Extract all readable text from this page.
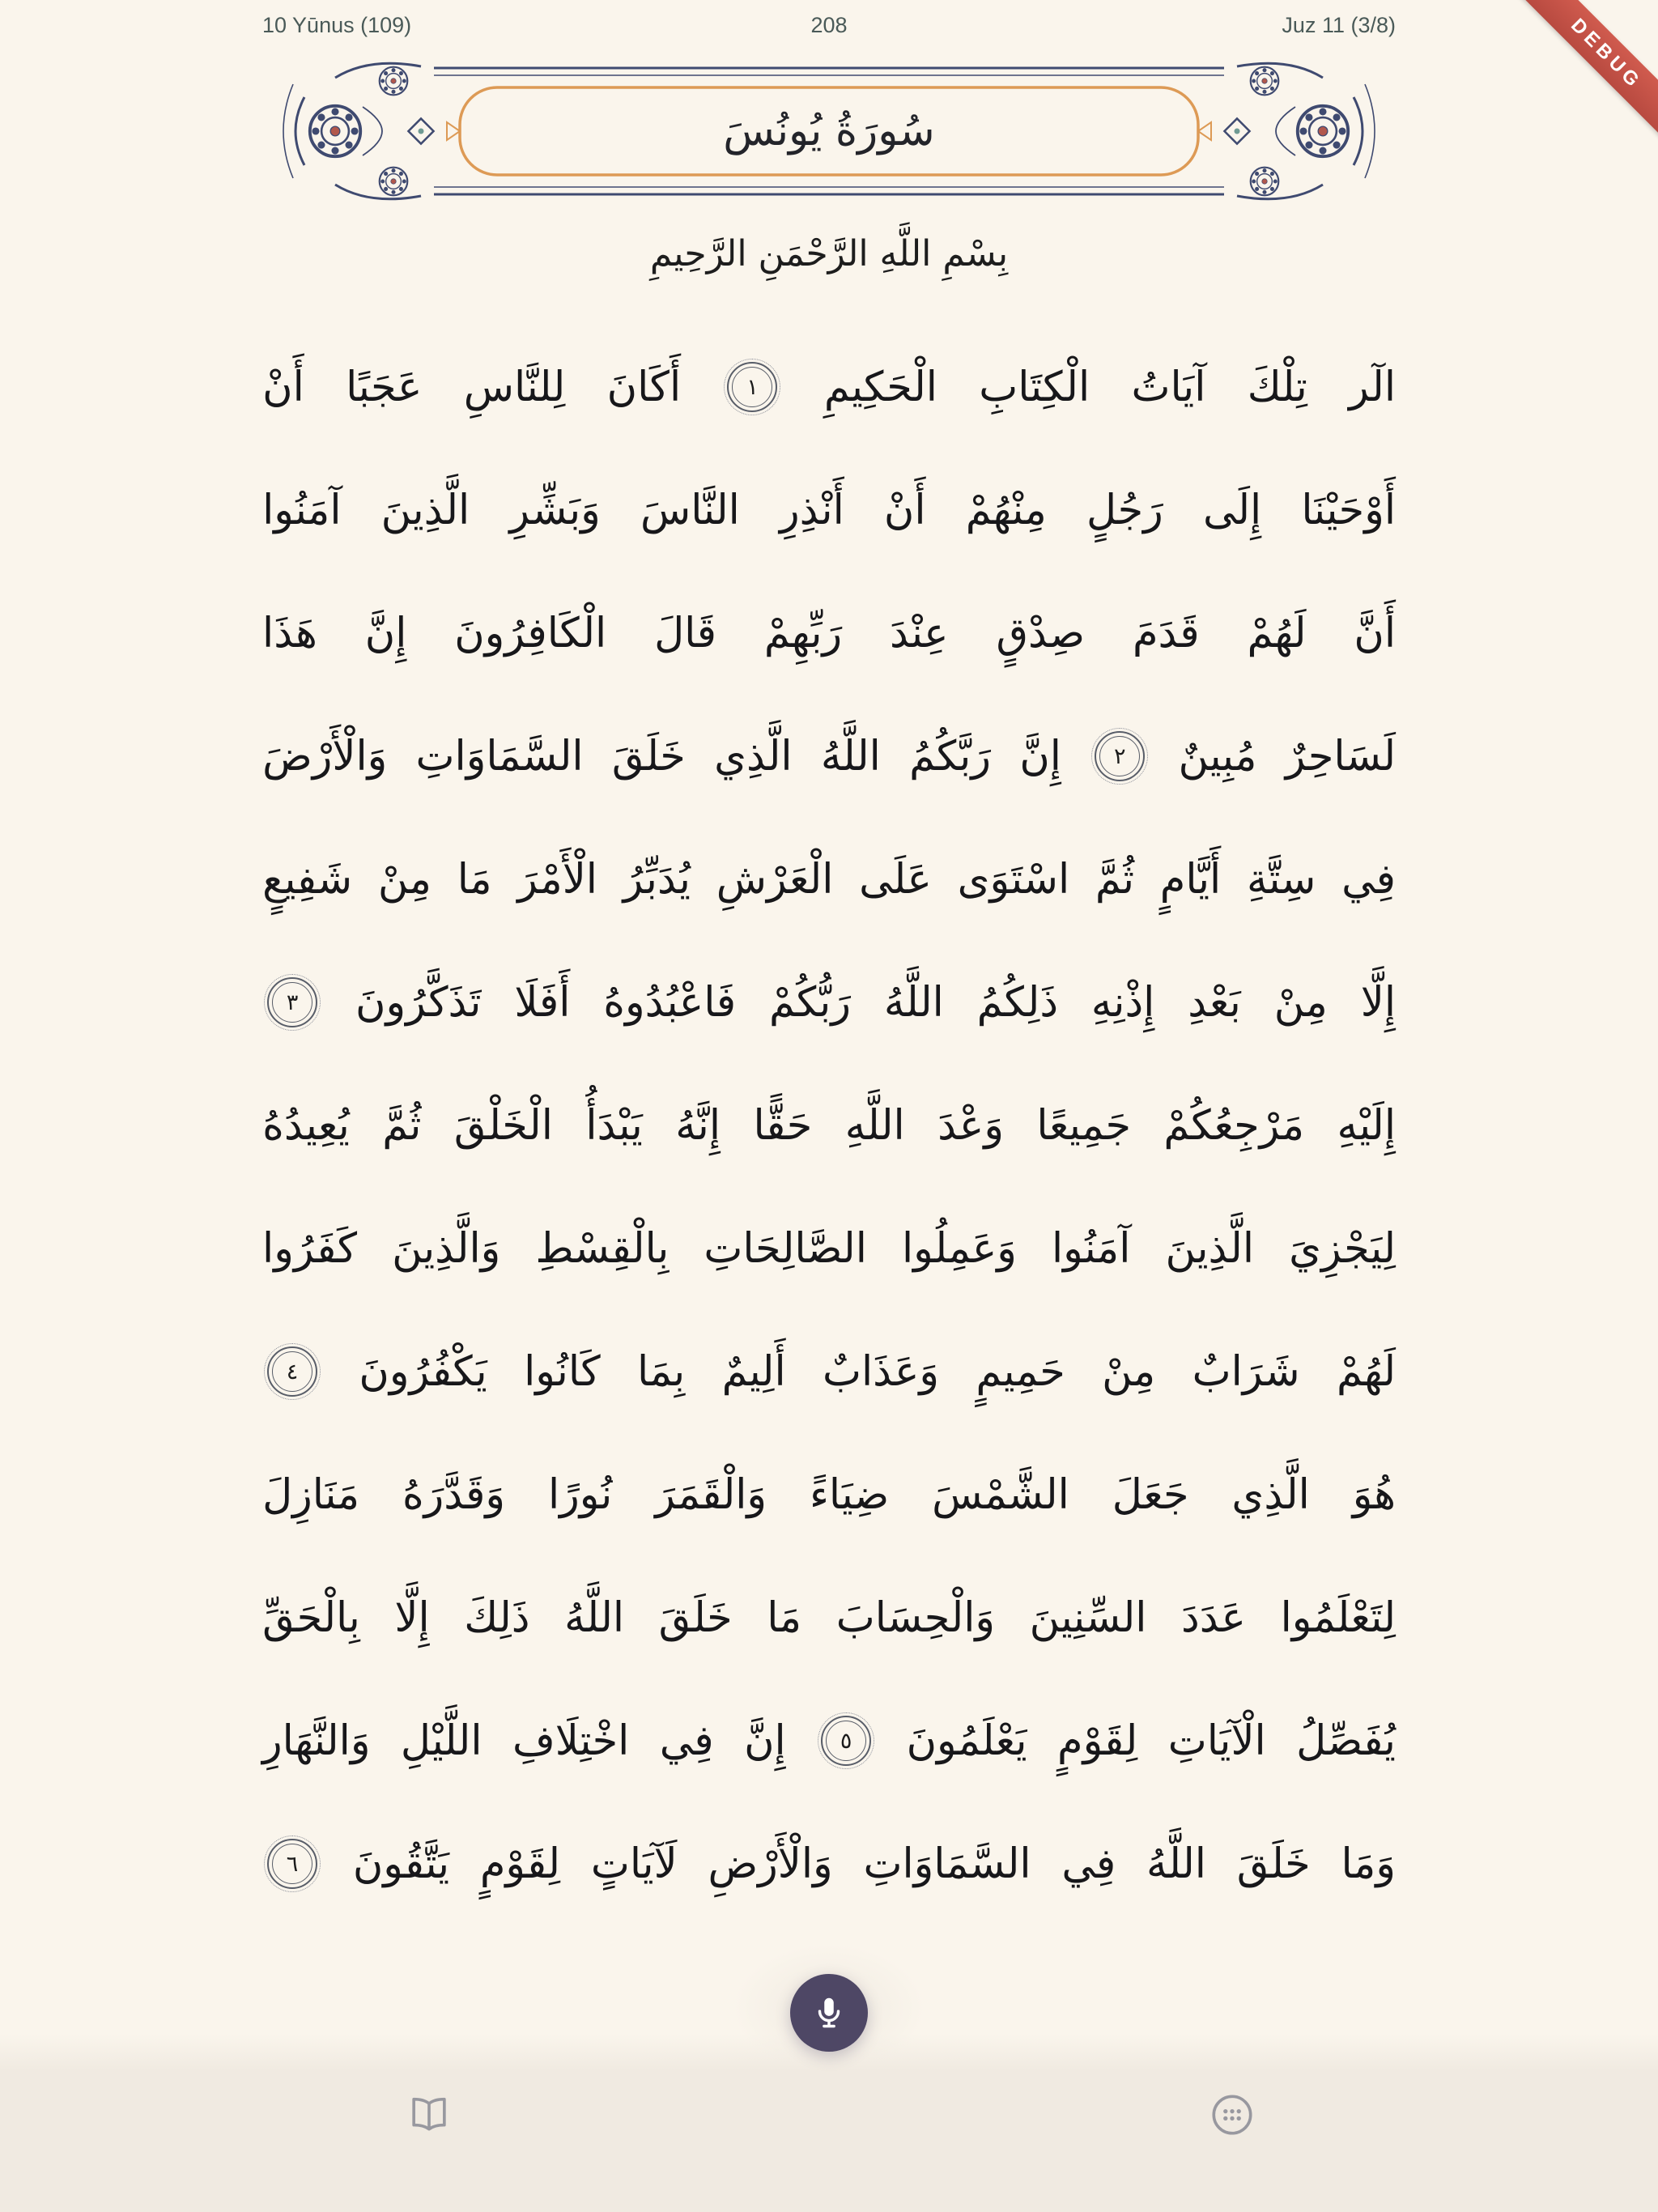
10 Yūnus (109)	208	Juz 11 (3/8)	DEBUG
سُورَةُ يُونُسَ
بِسْمِ اللَّهِ الرَّحْمَنِ الرَّحِيمِ
الٓر
تِلْكَ
آيَاتُ
الْكِتَابِ
الْحَكِيمِ
١
أَكَانَ
لِلنَّاسِ
عَجَبًا
أَنْ
أَوْحَيْنَا
إِلَى
رَجُلٍ
مِنْهُمْ
أَنْ
أَنْذِرِ
النَّاسَ
وَبَشِّرِ
الَّذِينَ
آمَنُوا
أَنَّ
لَهُمْ
قَدَمَ
صِدْقٍ
عِنْدَ
رَبِّهِمْ
قَالَ
الْكَافِرُونَ
إِنَّ
هَذَا
لَسَاحِرٌ
مُبِينٌ
٢
إِنَّ
رَبَّكُمُ
اللَّهُ
الَّذِي
خَلَقَ
السَّمَاوَاتِ
وَالْأَرْضَ
فِي
سِتَّةِ
أَيَّامٍ
ثُمَّ
اسْتَوَى
عَلَى
الْعَرْشِ
يُدَبِّرُ
الْأَمْرَ
مَا
مِنْ
شَفِيعٍ
إِلَّا
مِنْ
بَعْدِ
إِذْنِهِ
ذَلِكُمُ
اللَّهُ
رَبُّكُمْ
فَاعْبُدُوهُ
أَفَلَا
تَذَكَّرُونَ
٣
إِلَيْهِ
مَرْجِعُكُمْ
جَمِيعًا
وَعْدَ
اللَّهِ
حَقًّا
إِنَّهُ
يَبْدَأُ
الْخَلْقَ
ثُمَّ
يُعِيدُهُ
لِيَجْزِيَ
الَّذِينَ
آمَنُوا
وَعَمِلُوا
الصَّالِحَاتِ
بِالْقِسْطِ
وَالَّذِينَ
كَفَرُوا
لَهُمْ
شَرَابٌ
مِنْ
حَمِيمٍ
وَعَذَابٌ
أَلِيمٌ
بِمَا
كَانُوا
يَكْفُرُونَ
٤
هُوَ
الَّذِي
جَعَلَ
الشَّمْسَ
ضِيَاءً
وَالْقَمَرَ
نُورًا
وَقَدَّرَهُ
مَنَازِلَ
لِتَعْلَمُوا
عَدَدَ
السِّنِينَ
وَالْحِسَابَ
مَا
خَلَقَ
اللَّهُ
ذَلِكَ
إِلَّا
بِالْحَقِّ
يُفَصِّلُ
الْآيَاتِ
لِقَوْمٍ
يَعْلَمُونَ
٥
إِنَّ
فِي
اخْتِلَافِ
اللَّيْلِ
وَالنَّهَارِ
وَمَا
خَلَقَ
اللَّهُ
فِي
السَّمَاوَاتِ
وَالْأَرْضِ
لَآيَاتٍ
لِقَوْمٍ
يَتَّقُونَ
٦
